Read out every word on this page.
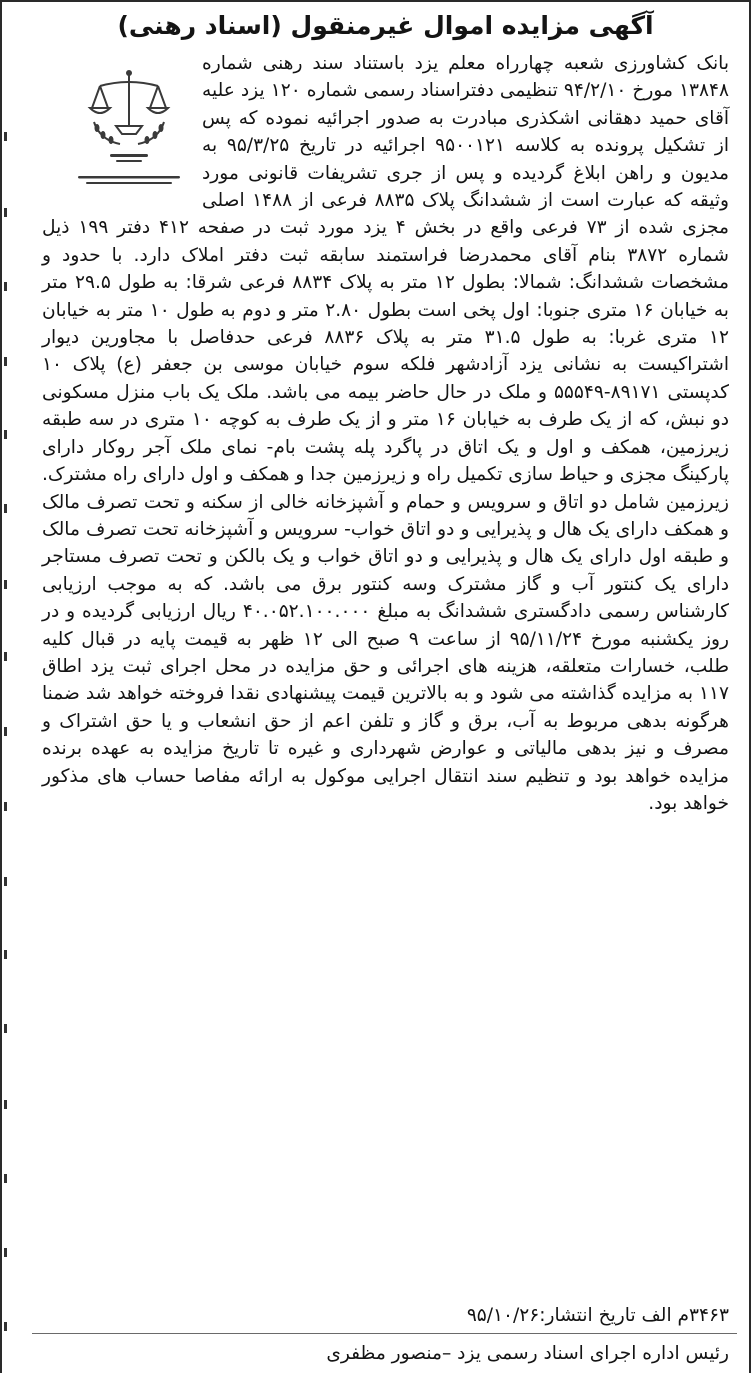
آگهی مزایده اموال غیرمنقول (اسناد رهنی)
بانک کشاورزی شعبه چهارراه معلم یزد باستناد سند رهنی شماره ۱۳۸۴۸ مورخ ۹۴/۲/۱۰ تنظیمی دفتراسناد رسمی شماره ۱۲۰ یزد علیه آقای حمید دهقانی اشکذری مبادرت به صدور اجرائیه نموده که پس از تشکیل پرونده به کلاسه ۹۵۰۰۱۲۱ اجرائیه در تاریخ ۹۵/۳/۲۵ به مدیون و راهن ابلاغ گردیده و پس از جری تشریفات قانونی مورد وثیقه که عبارت است از ششدانگ پلاک ۸۸۳۵ فرعی از ۱۴۸۸ اصلی مجزی شده از ۷۳ فرعی واقع در بخش ۴ یزد مورد ثبت در صفحه ۴۱۲ دفتر ۱۹۹ ذیل شماره ۳۸۷۲ بنام آقای محمدرضا فراستمند سابقه ثبت دفتر املاک دارد. با حدود و مشخصات ششدانگ: شمالا: بطول ۱۲ متر به پلاک ۸۸۳۴ فرعی شرقا: به طول ۲۹.۵ متر به خیابان ۱۶ متری جنوبا: اول پخی است بطول ۲.۸۰ متر و دوم به طول ۱۰ متر به خیابان ۱۲ متری غربا: به طول ۳۱.۵ متر به پلاک ۸۸۳۶ فرعی حدفاصل با مجاورین دیوار اشتراکیست به نشانی یزد آزادشهر فلکه سوم خیابان موسی بن جعفر (ع) پلاک ۱۰ کدپستی ۸۹۱۷۱-۵۵۵۴۹ و ملک در حال حاضر بیمه می باشد. ملک یک باب منزل مسکونی دو نبش، که از یک طرف به خیابان ۱۶ متر و از یک طرف به کوچه ۱۰ متری در سه طبقه زیرزمین، همکف و اول و یک اتاق در پاگرد پله پشت بام- نمای ملک آجر روکار دارای پارکینگ مجزی و حیاط سازی تکمیل راه و زیرزمین جدا و همکف و اول دارای راه مشترک. زیرزمین شامل دو اتاق و سرویس و حمام و آشپزخانه خالی از سکنه و تحت تصرف مالک و همکف دارای یک هال و پذیرایی و دو اتاق خواب- سرویس و آشپزخانه تحت تصرف مالک و طبقه اول دارای یک هال و پذیرایی و دو اتاق خواب و یک بالکن و تحت تصرف مستاجر دارای یک کنتور آب و گاز مشترک وسه کنتور برق می باشد. که به موجب ارزیابی کارشناس رسمی دادگستری ششدانگ به مبلغ ۴۰.۰۵۲.۱۰۰.۰۰۰ ریال ارزیابی گردیده و در روز یکشنبه مورخ ۹۵/۱۱/۲۴ از ساعت ۹ صبح الی ۱۲ ظهر به قیمت پایه در قبال کلیه طلب، خسارات متعلقه، هزینه های اجرائی و حق مزایده در محل اجرای ثبت یزد اطاق ۱۱۷ به مزایده گذاشته می شود و به بالاترین قیمت پیشنهادی نقدا فروخته خواهد شد ضمنا هرگونه بدهی مربوط به آب، برق و گاز و تلفن اعم از حق انشعاب و یا حق اشتراک و مصرف و نیز بدهی مالیاتی و عوارض شهرداری و غیره تا تاریخ مزایده به عهده برنده مزایده خواهد بود و تنظیم سند انتقال اجرایی موکول به ارائه مفاصا حساب های مذکور خواهد بود.
۳۴۶۳م الف تاریخ انتشار:۹۵/۱۰/۲۶
رئیس اداره اجرای اسناد رسمی یزد –منصور مظفری
